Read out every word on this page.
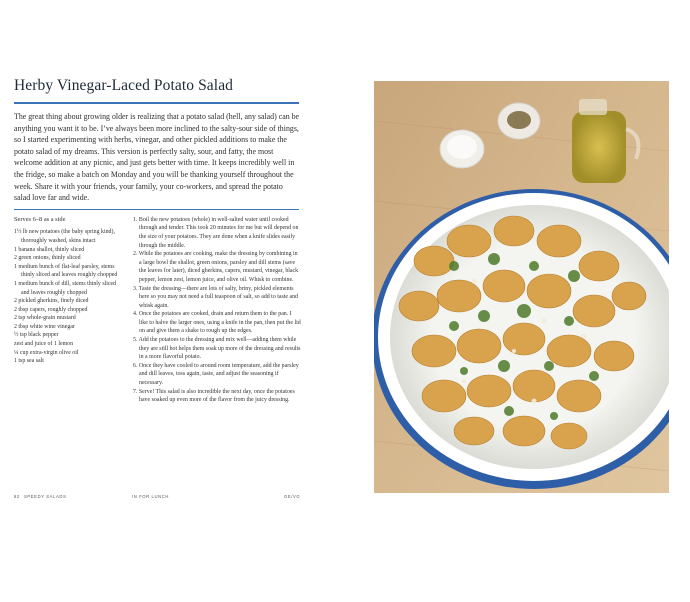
Herby Vinegar-Laced Potato Salad

The great thing about growing older is realizing that a potato salad (hell, any salad) can be anything you want it to be. I’ve always been more inclined to the salty-sour side of things, so I started experimenting with herbs, vinegar, and other pickled additions to make the potato salad of my dreams. This version is perfectly salty, sour, and fatty, the most welcome addition at any picnic, and just gets better with time. It keeps incredibly well in the fridge, so make a batch on Monday and you will be thanking yourself throughout the week. Share it with your friends, your family, your co-workers, and spread the potato salad love far and wide.

Serves 6–8 as a side
1½ lb new potatoes (the baby spring kind), thoroughly washed, skins intact
1 banana shallot, thinly sliced
2 green onions, thinly sliced
1 medium bunch of flat-leaf parsley, stems thinly sliced and leaves roughly chopped
1 medium bunch of dill, stems thinly sliced and leaves roughly chopped
2 pickled gherkins, finely diced
2 tbsp capers, roughly chopped
2 tsp whole-grain mustard
2 tbsp white wine vinegar
½ tsp black pepper
zest and juice of 1 lemon
¼ cup extra-virgin olive oil
1 tsp sea salt
1. Boil the new potatoes (whole) in well-salted water until cooked through and tender. This took 20 minutes for me but will depend on the size of your potatoes. They are done when a knife slides easily through the middle.
2. While the potatoes are cooking, make the dressing by combining in a large bowl the shallot, green onions, parsley and dill stems (save the leaves for later), diced gherkins, capers, mustard, vinegar, black pepper, lemon zest, lemon juice, and olive oil. Whisk to combine.
3. Taste the dressing—there are lots of salty, briny, pickled elements here so you may not need a full teaspoon of salt, so add to taste and whisk again.
4. Once the potatoes are cooked, drain and return them to the pan. I like to halve the larger ones, using a knife in the pan, then put the lid on and give them a shake to rough up the edges.
5. Add the potatoes to the dressing and mix well—adding them while they are still hot helps them soak up more of the dressing and results in a more flavorful potato.
6. Once they have cooled to around room temperature, add the parsley and dill leaves, toss again, taste, and adjust the seasoning if necessary.
7. Serve! This salad is also incredible the next day, once the potatoes have soaked up even more of the flavor from the juicy dressing.
82 SPEEDY SALADS	IN FOR LUNCH	GE/VG
